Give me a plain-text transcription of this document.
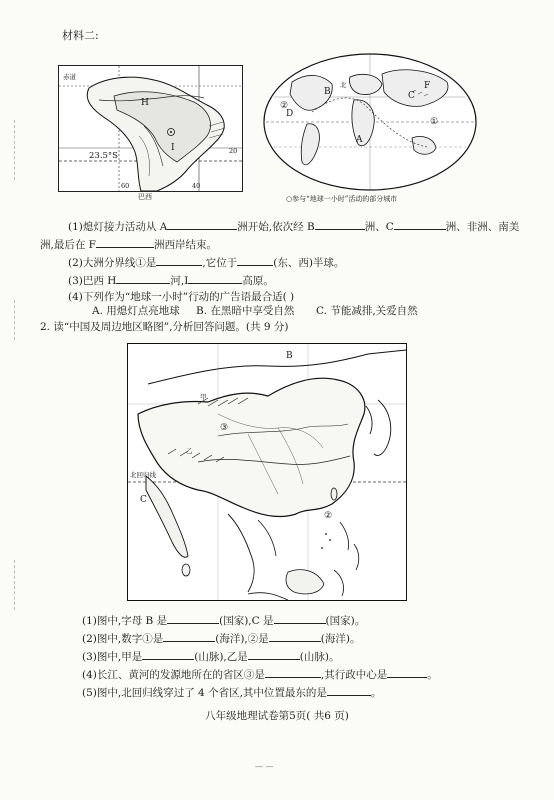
材料二:
赤道
H
I
23.5°S	20
40
60
巴西
B	C
D
F
A
②
①
北
○参与“地球一小时”活动的部分城市
(1)熄灯接力活动从 A	洲开始,依次经 B	洲、C	洲、非洲、南美
洲,最后在 F	洲西岸结束。
(2)大洲分界线①是	,它位于	(东、西)半球。
(3)巴西 H	河,I	高原。
(4)下列作为“地球一小时”行动的广告语最合适( )
A. 用熄灯点亮地球 B. 在黑暗中享受自然 C. 节能减排,关爱自然
2. 读“中国及周边地区略图”,分析回答问题。(共 9 分)
B
C
③
②
甲
乙
北回归线
(1)图中,字母 B 是	(国家),C 是	(国家)。
(2)图中,数字①是	(海洋),②是	(海洋)。
(3)图中,甲是	(山脉),乙是	(山脉)。
(4)长江、黄河的发源地所在的省区③是	,其行政中心是	。
(5)图中,北回归线穿过了 4 个省区,其中位置最东的是	。
八年级地理试卷第5页( 共6 页)
— —
